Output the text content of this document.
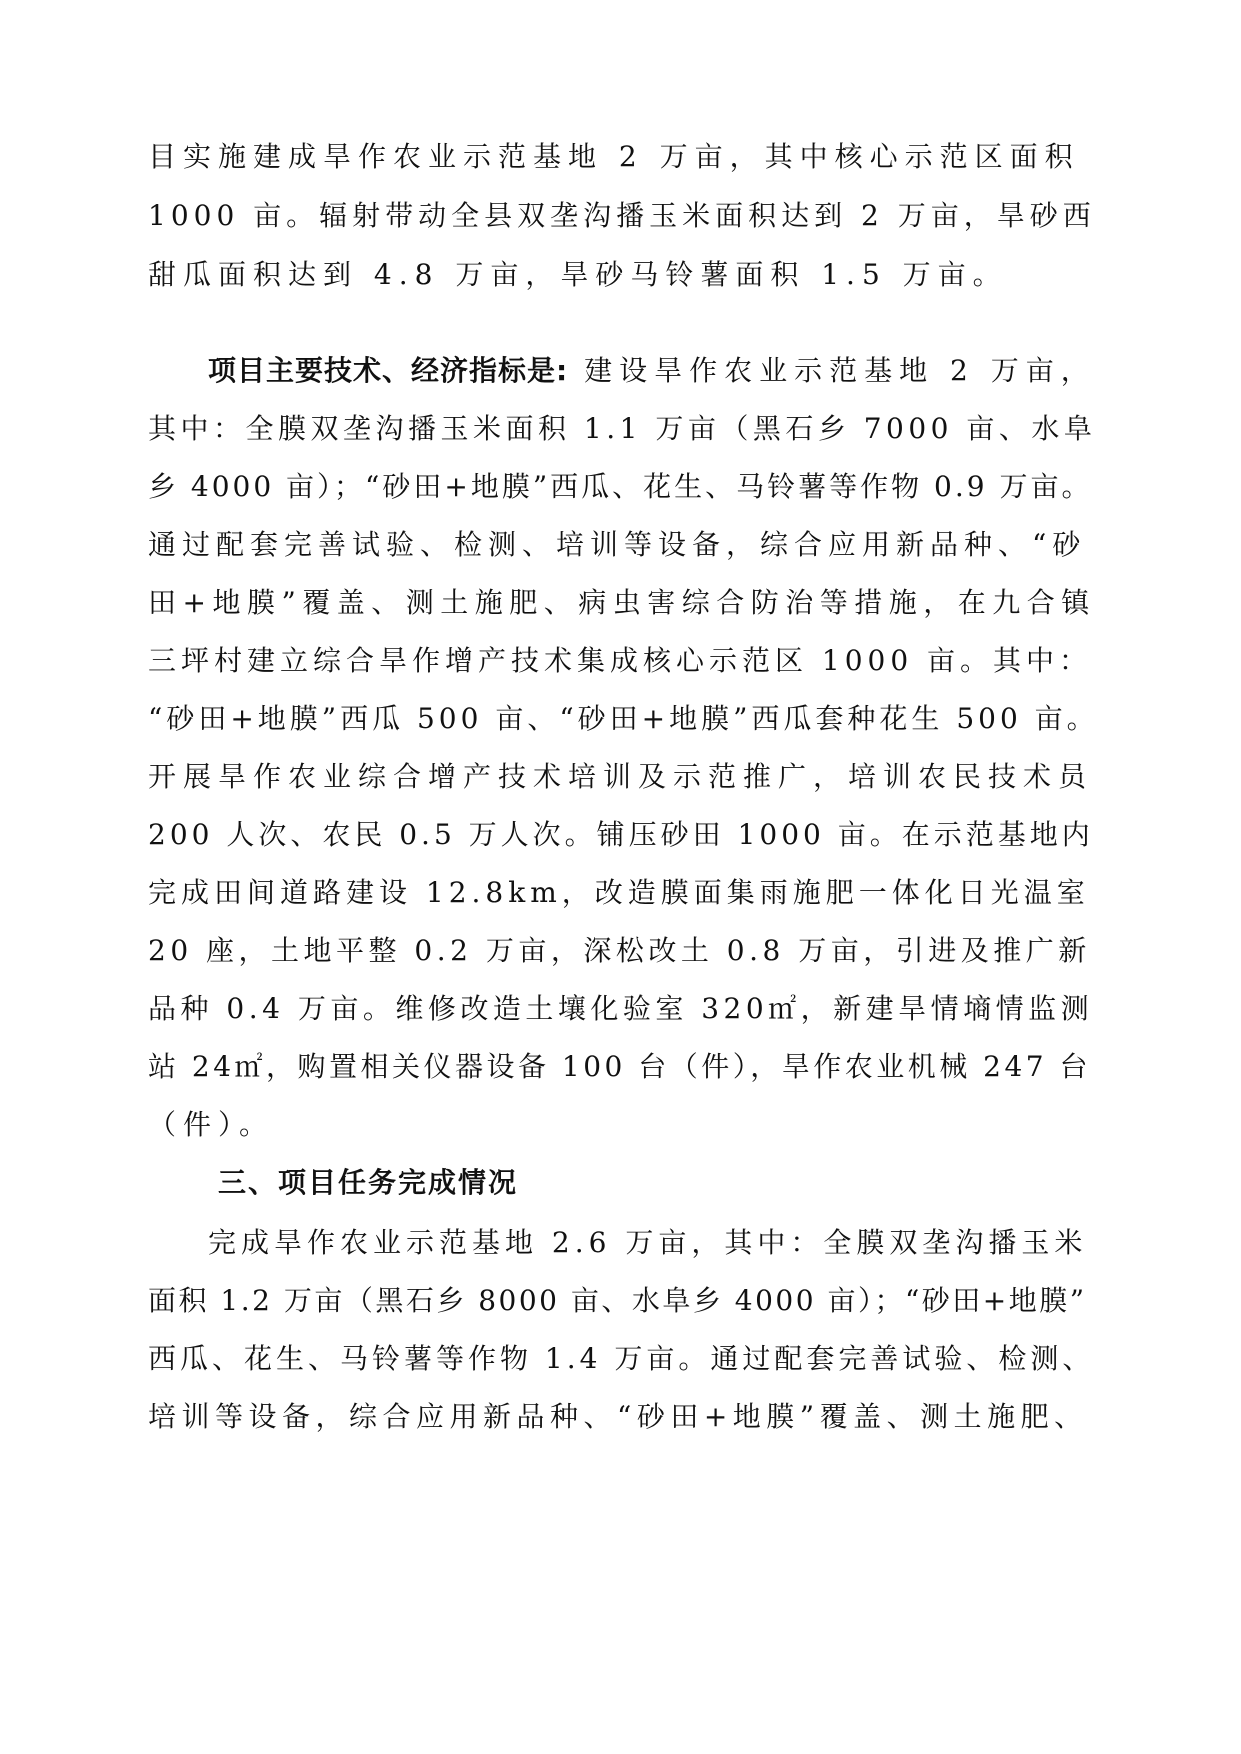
目实施建成旱作农业示范基地 2 万亩，其中核心示范区面积
1000 亩。辐射带动全县双垄沟播玉米面积达到 2 万亩，旱砂西
甜瓜面积达到 4.8 万亩，旱砂马铃薯面积 1.5 万亩。
项目主要技术、经济指标是: 建设旱作农业示范基地 2 万亩，
其中：全膜双垄沟播玉米面积 1.1 万亩（黑石乡 7000 亩、水阜
乡 4000 亩）；“砂田+地膜”西瓜、花生、马铃薯等作物 0.9 万亩。
通过配套完善试验、检测、培训等设备，综合应用新品种、“砂
田+地膜”覆盖、测土施肥、病虫害综合防治等措施，在九合镇
三坪村建立综合旱作增产技术集成核心示范区 1000 亩。其中：
“砂田+地膜”西瓜 500 亩、“砂田+地膜”西瓜套种花生 500 亩。
开展旱作农业综合增产技术培训及示范推广，培训农民技术员
200 人次、农民 0.5 万人次。铺压砂田 1000 亩。在示范基地内
完成田间道路建设 12.8km，改造膜面集雨施肥一体化日光温室
20 座，土地平整 0.2 万亩，深松改土 0.8 万亩，引进及推广新
品种 0.4 万亩。维修改造土壤化验室 320㎡，新建旱情墒情监测
站 24㎡，购置相关仪器设备 100 台（件），旱作农业机械 247 台
（件）。
三、项目任务完成情况
完成旱作农业示范基地 2.6 万亩，其中：全膜双垄沟播玉米
面积 1.2 万亩（黑石乡 8000 亩、水阜乡 4000 亩）；“砂田+地膜”
西瓜、花生、马铃薯等作物 1.4 万亩。通过配套完善试验、检测、
培训等设备，综合应用新品种、“砂田+地膜”覆盖、测土施肥、
